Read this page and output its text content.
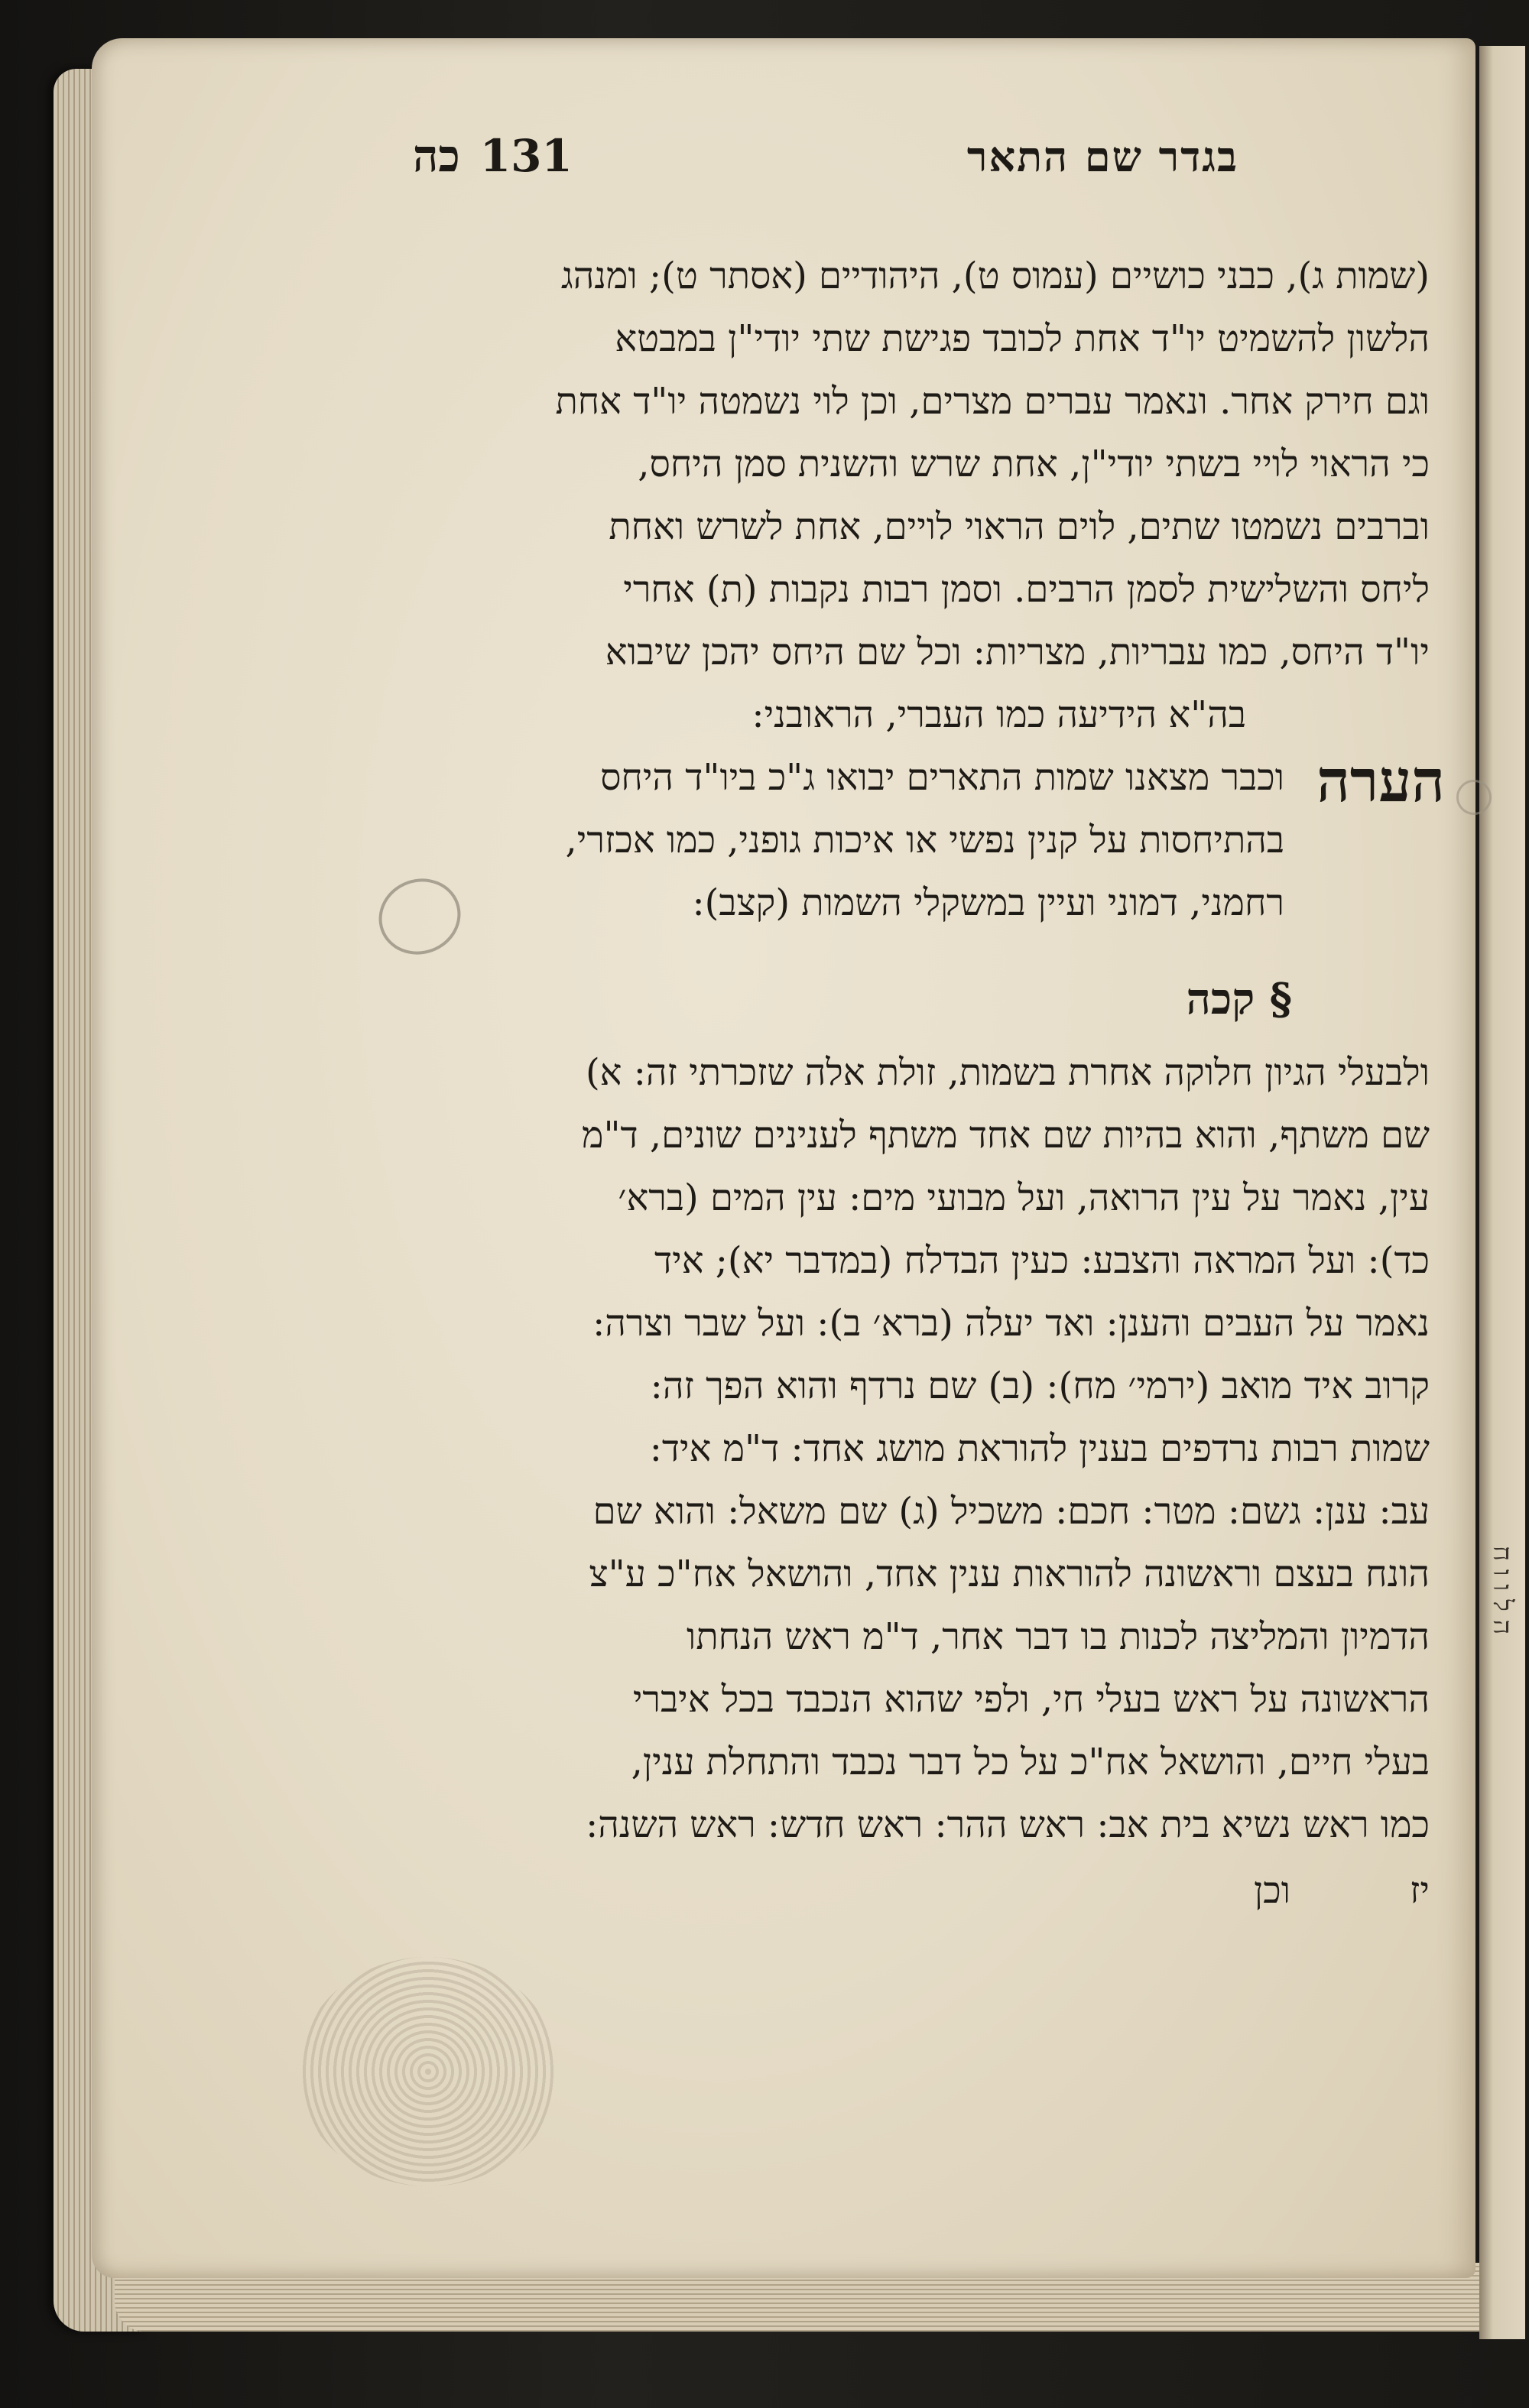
בגדר שם התאר
כה 131
(שמות ג), כבני כושיים (עמוס ט), היהודיים (אסתר ט); ומנהג
הלשון להשמיט יו"ד אחת לכובד פגישת שתי יודי"ן במבטא
וגם חירק אחר. ונאמר עברים מצרים, וכן לוי נשמטה יו"ד אחת
כי הראוי לויי בשתי יודי"ן, אחת שרש והשנית סמן היחס,
וברבים נשמטו שתים, לוים הראוי לויים, אחת לשרש ואחת
ליחס והשלישית לסמן הרבים. וסמן רבות נקבות (ת) אחרי
יו"ד היחס, כמו עבריות, מצריות: וכל שם היחס יהכן שיבוא
בה"א הידיעה כמו העברי, הראובני:
הערה
וכבר מצאנו שמות התארים יבואו ג"כ ביו"ד היחס
בהתיחסות על קנין נפשי או איכות גופני, כמו אכזרי,
רחמני, דמוני ועיין במשקלי השמות (קצב):
§ קכה
ולבעלי הגיון חלוקה אחרת בשמות, זולת אלה שזכרתי זה: א)
שם משתף, והוא בהיות שם אחד משתף לענינים שונים, ד"מ
עין, נאמר על עין הרואה, ועל מבועי מים: עין המים (ברא׳
כד): ועל המראה והצבע: כעין הבדלח (במדבר יא); איד
נאמר על העבים והענן: ואד יעלה (ברא׳ ב): ועל שבר וצרה:
קרוב איד מואב (ירמי׳ מח): (ב) שם נרדף והוא הפך זה:
שמות רבות נרדפים בענין להוראת מושג אחד: ד"מ איד:
עב: ענן: גשם: מטר: חכם: משכיל (ג) שם משאל: והוא שם
הונח בעצם וראשונה להוראות ענין אחד, והושאל אח"כ ע"צ
הדמיון והמליצה לכנות בו דבר אחר, ד"מ ראש הנחתו
הראשונה על ראש בעלי חי, ולפי שהוא הנכבד בכל איברי
בעלי חיים, והושאל אח"כ על כל דבר נכבד והתחלת ענין,
כמו ראש נשיא בית אב: ראש ההר: ראש חדש: ראש השנה:
יז
וכן
